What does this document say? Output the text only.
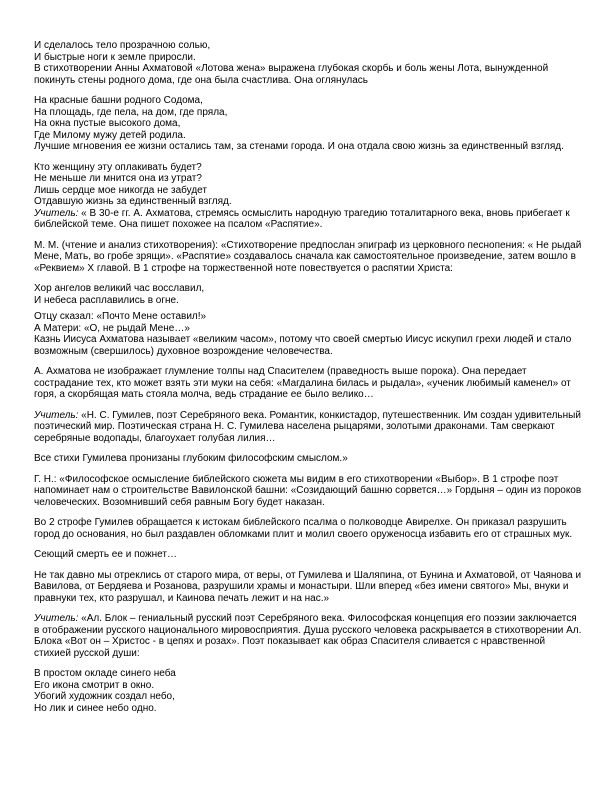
И сделалось тело прозрачною солью,
И быстрые ноги к земле приросли.

В стихотворении Анны Ахматовой «Лотова жена» выражена глубокая скорбь и боль жены Лота, вынужденной покинуть стены родного дома, где она была счастлива. Она оглянулась

На красные башни родного Содома,
На площадь, где пела, на дом, где пряла,
На окна пустые высокого дома,
Где Милому мужу детей родила.

Лучшие мгновения ее жизни остались там, за стенами города. И она отдала свою жизнь за единственный взгляд.

Кто женщину эту оплакивать будет?
Не меньше ли мнится она из утрат?
Лишь сердце мое никогда не забудет
Отдавшую жизнь за единственный взгляд.

Учитель: « В 30-е гг. А. Ахматова, стремясь осмыслить народную трагедию тоталитарного века, вновь прибегает к библейской теме. Она пишет похожее на псалом «Распятие».

М. М. (чтение и анализ стихотворения): «Стихотворение предпослан эпиграф из церковного песнопения: « Не рыдай Мене, Мать, во гробе зрящи». «Распятие» создавалось сначала как самостоятельное произведение, затем вошло в «Реквием» Х главой. В 1 строфе на торжественной ноте повествуется о распятии Христа:

Хор ангелов великий час восславил,
И небеса расплавились в огне.

Отцу сказал: «Почто Мене оставил!»
А Матери: «О, не рыдай Мене…»

Казнь Иисуса Ахматова называет «великим часом», потому что своей смертью Иисус искупил грехи людей и стало возможным (свершилось) духовное возрождение человечества.

А. Ахматова не изображает глумление толпы над Спасителем (праведность выше порока). Она передает сострадание тех, кто может взять эти муки на себя: «Магдалина билась и рыдала», «ученик любимый каменел» от горя, а скорбящая мать стояла молча, ведь страдание ее было велико…

Учитель: «Н. С. Гумилев, поэт Серебряного века. Романтик, конкистадор, путешественник. Им создан удивительный поэтический мир. Поэтическая страна Н. С. Гумилева населена рыцарями, золотыми драконами. Там сверкают серебряные водопады, благоухает голубая лилия…

Все стихи Гумилева пронизаны глубоким философским смыслом.»

Г. Н.: «Философское осмысление библейского сюжета мы видим в его стихотворении «Выбор». В 1 строфе поэт напоминает нам о строительстве Вавилонской башни: «Созидающий башню сорвется…» Гордыня – один из пороков человеческих. Возомнивший себя равным Богу будет наказан.

Во 2 строфе Гумилев обращается к истокам библейского псалма о полководце Авирелхе. Он приказал разрушить город до основания, но был раздавлен обломками плит и молил своего оруженосца избавить его от страшных мук.

Сеющий смерть ее и пожнет…

Не так давно мы отреклись от старого мира, от веры, от Гумилева и Шаляпина, от Бунина и Ахматовой, от Чаянова и Вавилова, от Бердяева и Розанова, разрушили храмы и монастыри. Шли вперед «без имени святого» Мы, внуки и правнуки тех, кто разрушал, и Каинова печать лежит и на нас.»

Учитель: «Ал. Блок – гениальный русский поэт Серебряного века. Философская концепция его поэзии заключается в отображении русского национального мировосприятия. Душа русского человека раскрывается в стихотворении Ал. Блока «Вот он – Христос - в цепях и розах». Поэт показывает как образ Спасителя сливается с нравственной стихией русской души:

В простом окладе синего неба
Его икона смотрит в окно.
Убогий художник создал небо,
Но лик и синее небо одно.
